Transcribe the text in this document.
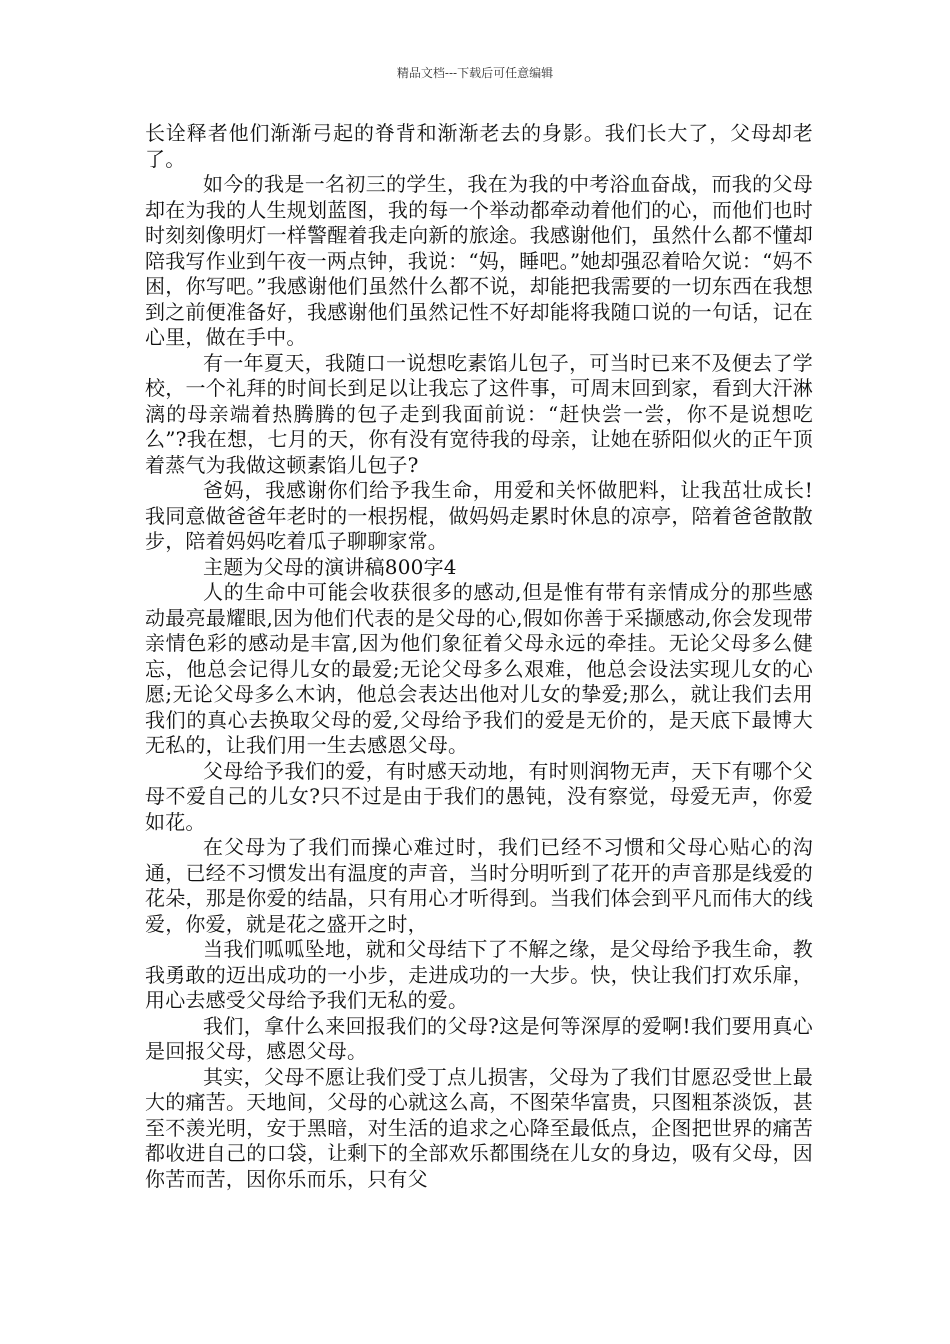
精品文档---下载后可任意编辑

长诠释者他们渐渐弓起的脊背和渐渐老去的身影。我们长大了，父母却老了。

如今的我是一名初三的学生，我在为我的中考浴血奋战，而我的父母却在为我的人生规划蓝图，我的每一个举动都牵动着他们的心，而他们也时时刻刻像明灯一样警醒着我走向新的旅途。我感谢他们，虽然什么都不懂却陪我写作业到午夜一两点钟，我说：“妈，睡吧。”她却强忍着哈欠说：“妈不困，你写吧。”我感谢他们虽然什么都不说，却能把我需要的一切东西在我想到之前便准备好，我感谢他们虽然记性不好却能将我随口说的一句话，记在心里，做在手中。

有一年夏天，我随口一说想吃素馅儿包子，可当时已来不及便去了学校，一个礼拜的时间长到足以让我忘了这件事，可周末回到家，看到大汗淋漓的母亲端着热腾腾的包子走到我面前说：“赶快尝一尝，你不是说想吃么”?我在想，七月的天，你有没有宽待我的母亲，让她在骄阳似火的正午顶着蒸气为我做这顿素馅儿包子?

爸妈，我感谢你们给予我生命，用爱和关怀做肥料，让我茁壮成长!我同意做爸爸年老时的一根拐棍，做妈妈走累时休息的凉亭，陪着爸爸散散步，陪着妈妈吃着瓜子聊聊家常。

主题为父母的演讲稿800字4

人的生命中可能会收获很多的感动,但是惟有带有亲情成分的那些感动最亮最耀眼,因为他们代表的是父母的心,假如你善于采撷感动,你会发现带亲情色彩的感动是丰富,因为他们象征着父母永远的牵挂。无论父母多么健忘，他总会记得儿女的最爱;无论父母多么艰难，他总会设法实现儿女的心愿;无论父母多么木讷，他总会表达出他对儿女的挚爱;那么，就让我们去用我们的真心去换取父母的爱,父母给予我们的爱是无价的，是天底下最博大无私的，让我们用一生去感恩父母。

父母给予我们的爱，有时感天动地，有时则润物无声，天下有哪个父母不爱自己的儿女?只不过是由于我们的愚钝，没有察觉，母爱无声，你爱如花。

在父母为了我们而操心难过时，我们已经不习惯和父母心贴心的沟通，已经不习惯发出有温度的声音，当时分明听到了花开的声音那是线爱的花朵，那是你爱的结晶，只有用心才听得到。当我们体会到平凡而伟大的线爱，你爱，就是花之盛开之时，

当我们呱呱坠地，就和父母结下了不解之缘，是父母给予我生命，教我勇敢的迈出成功的一小步，走进成功的一大步。快，快让我们打欢乐扉，用心去感受父母给予我们无私的爱。

我们，拿什么来回报我们的父母?这是何等深厚的爱啊!我们要用真心是回报父母，感恩父母。

其实，父母不愿让我们受丁点儿损害，父母为了我们甘愿忍受世上最大的痛苦。天地间，父母的心就这么高，不图荣华富贵，只图粗茶淡饭，甚至不羡光明，安于黑暗，对生活的追求之心降至最低点，企图把世界的痛苦都收进自己的口袋，让剩下的全部欢乐都围绕在儿女的身边，吸有父母，因你苦而苦，因你乐而乐，只有父
